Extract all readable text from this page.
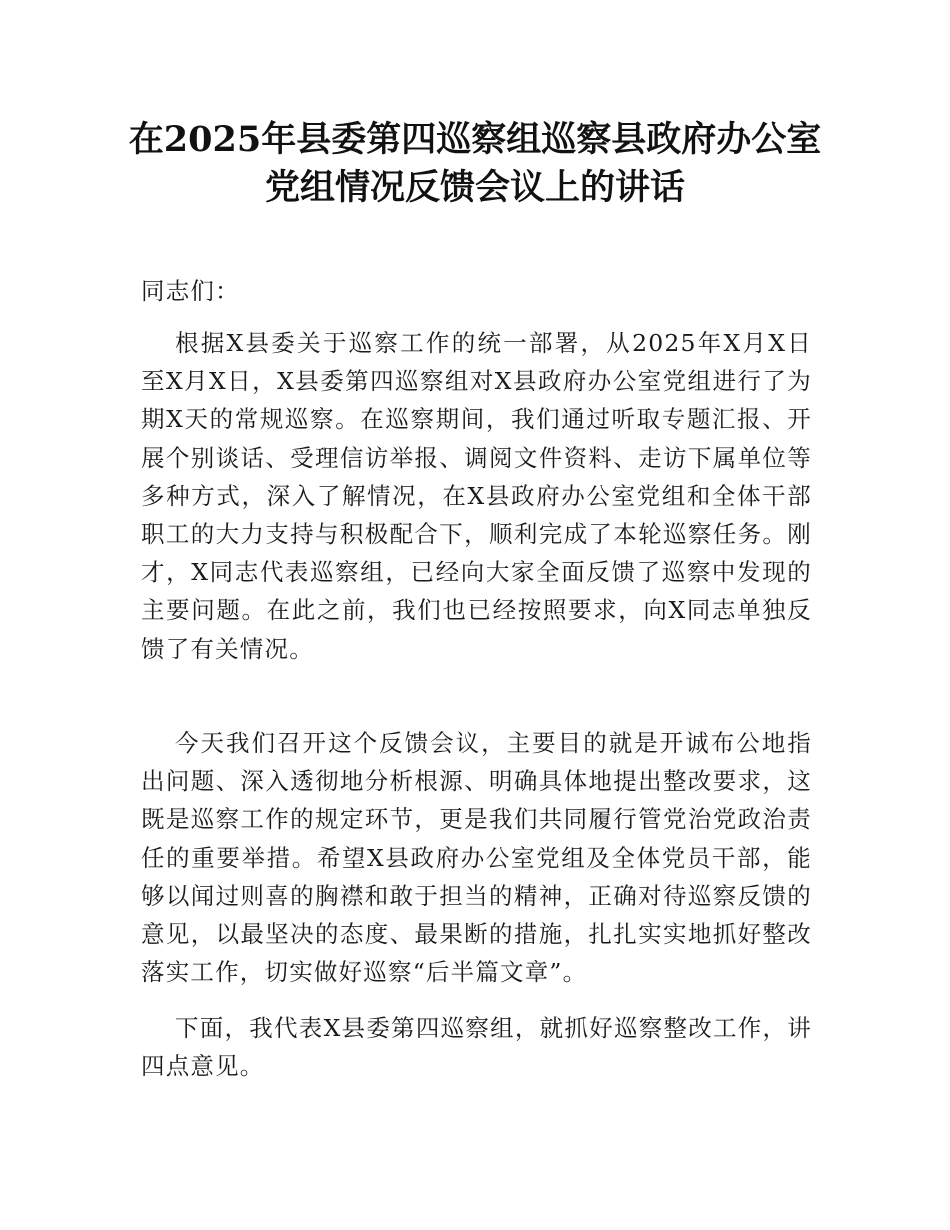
在2025年县委第四巡察组巡察县政府办公室
党组情况反馈会议上的讲话

同志们：

根据X县委关于巡察工作的统一部署，从2025年X月X日至X月X日，X县委第四巡察组对X县政府办公室党组进行了为期X天的常规巡察。在巡察期间，我们通过听取专题汇报、开展个别谈话、受理信访举报、调阅文件资料、走访下属单位等多种方式，深入了解情况，在X县政府办公室党组和全体干部职工的大力支持与积极配合下，顺利完成了本轮巡察任务。刚才，X同志代表巡察组，已经向大家全面反馈了巡察中发现的主要问题。在此之前，我们也已经按照要求，向X同志单独反馈了有关情况。

今天我们召开这个反馈会议，主要目的就是开诚布公地指出问题、深入透彻地分析根源、明确具体地提出整改要求，这既是巡察工作的规定环节，更是我们共同履行管党治党政治责任的重要举措。希望X县政府办公室党组及全体党员干部，能够以闻过则喜的胸襟和敢于担当的精神，正确对待巡察反馈的意见，以最坚决的态度、最果断的措施，扎扎实实地抓好整改落实工作，切实做好巡察“后半篇文章”。

下面，我代表X县委第四巡察组，就抓好巡察整改工作，讲四点意见。
